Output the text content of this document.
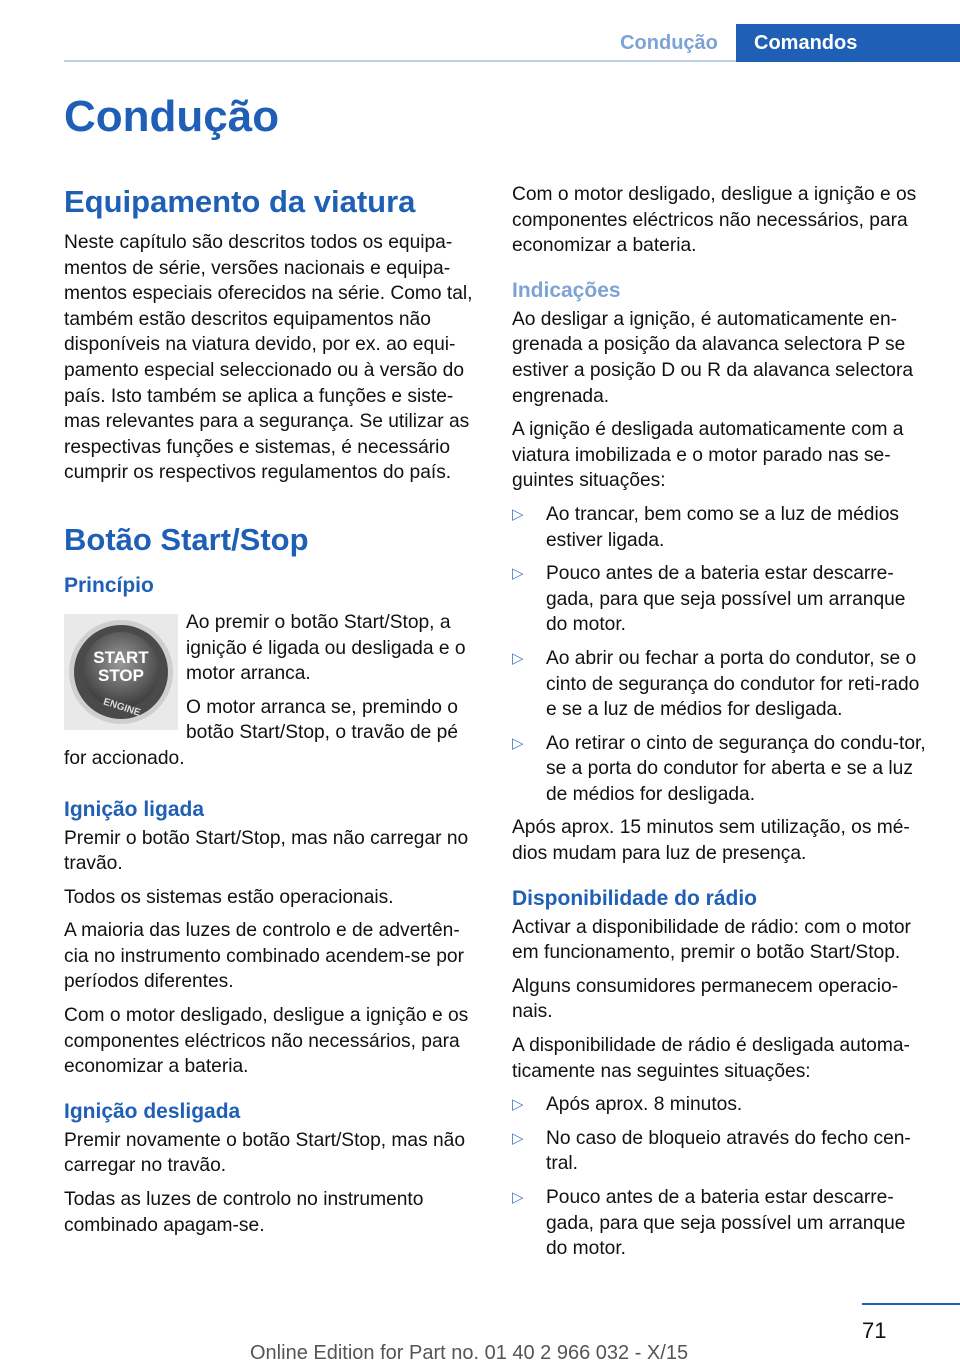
Condução	Comandos
Condução
Equipamento da viatura

Neste capítulo são descritos todos os equipa-mentos de série, versões nacionais e equipa-mentos especiais oferecidos na série. Como tal, também estão descritos equipamentos não disponíveis na viatura devido, por ex. ao equi-pamento especial seleccionado ou à versão do país. Isto também se aplica a funções e siste-mas relevantes para a segurança. Se utilizar as respectivas funções e sistemas, é necessário cumprir os respectivos regulamentos do país.

Botão Start/Stop
Princípio
START
STOP
ENGINE

Ao premir o botão Start/Stop, a ignição é ligada ou desligada e o motor arranca.

O motor arranca se, premindo o botão Start/Stop, o travão de pé for accionado.

Ignição ligada

Premir o botão Start/Stop, mas não carregar no travão.

Todos os sistemas estão operacionais.

A maioria das luzes de controlo e de advertên-cia no instrumento combinado acendem-se por períodos diferentes.

Com o motor desligado, desligue a ignição e os componentes eléctricos não necessários, para economizar a bateria.

Ignição desligada

Premir novamente o botão Start/Stop, mas não carregar no travão.

Todas as luzes de controlo no instrumento combinado apagam-se.

Com o motor desligado, desligue a ignição e os componentes eléctricos não necessários, para economizar a bateria.

Indicações

Ao desligar a ignição, é automaticamente en-grenada a posição da alavanca selectora P se estiver a posição D ou R da alavanca selectora engrenada.

A ignição é desligada automaticamente com a viatura imobilizada e o motor parado nas se-guintes situações:

▷	Ao trancar, bem como se a luz de médios estiver ligada.
▷	Pouco antes de a bateria estar descarre-gada, para que seja possível um arranque do motor.
▷	Ao abrir ou fechar a porta do condutor, se o cinto de segurança do condutor for reti-rado e se a luz de médios for desligada.
▷	Ao retirar o cinto de segurança do condu-tor, se a porta do condutor for aberta e se a luz de médios for desligada.

Após aprox. 15 minutos sem utilização, os mé-dios mudam para luz de presença.

Disponibilidade do rádio

Activar a disponibilidade de rádio: com o motor em funcionamento, premir o botão Start/Stop.

Alguns consumidores permanecem operacio-nais.

A disponibilidade de rádio é desligada automa-ticamente nas seguintes situações:

▷	Após aprox. 8 minutos.
▷	No caso de bloqueio através do fecho cen-tral.
▷	Pouco antes de a bateria estar descarre-gada, para que seja possível um arranque do motor.
71
Online Edition for Part no. 01 40 2 966 032 - X/15
